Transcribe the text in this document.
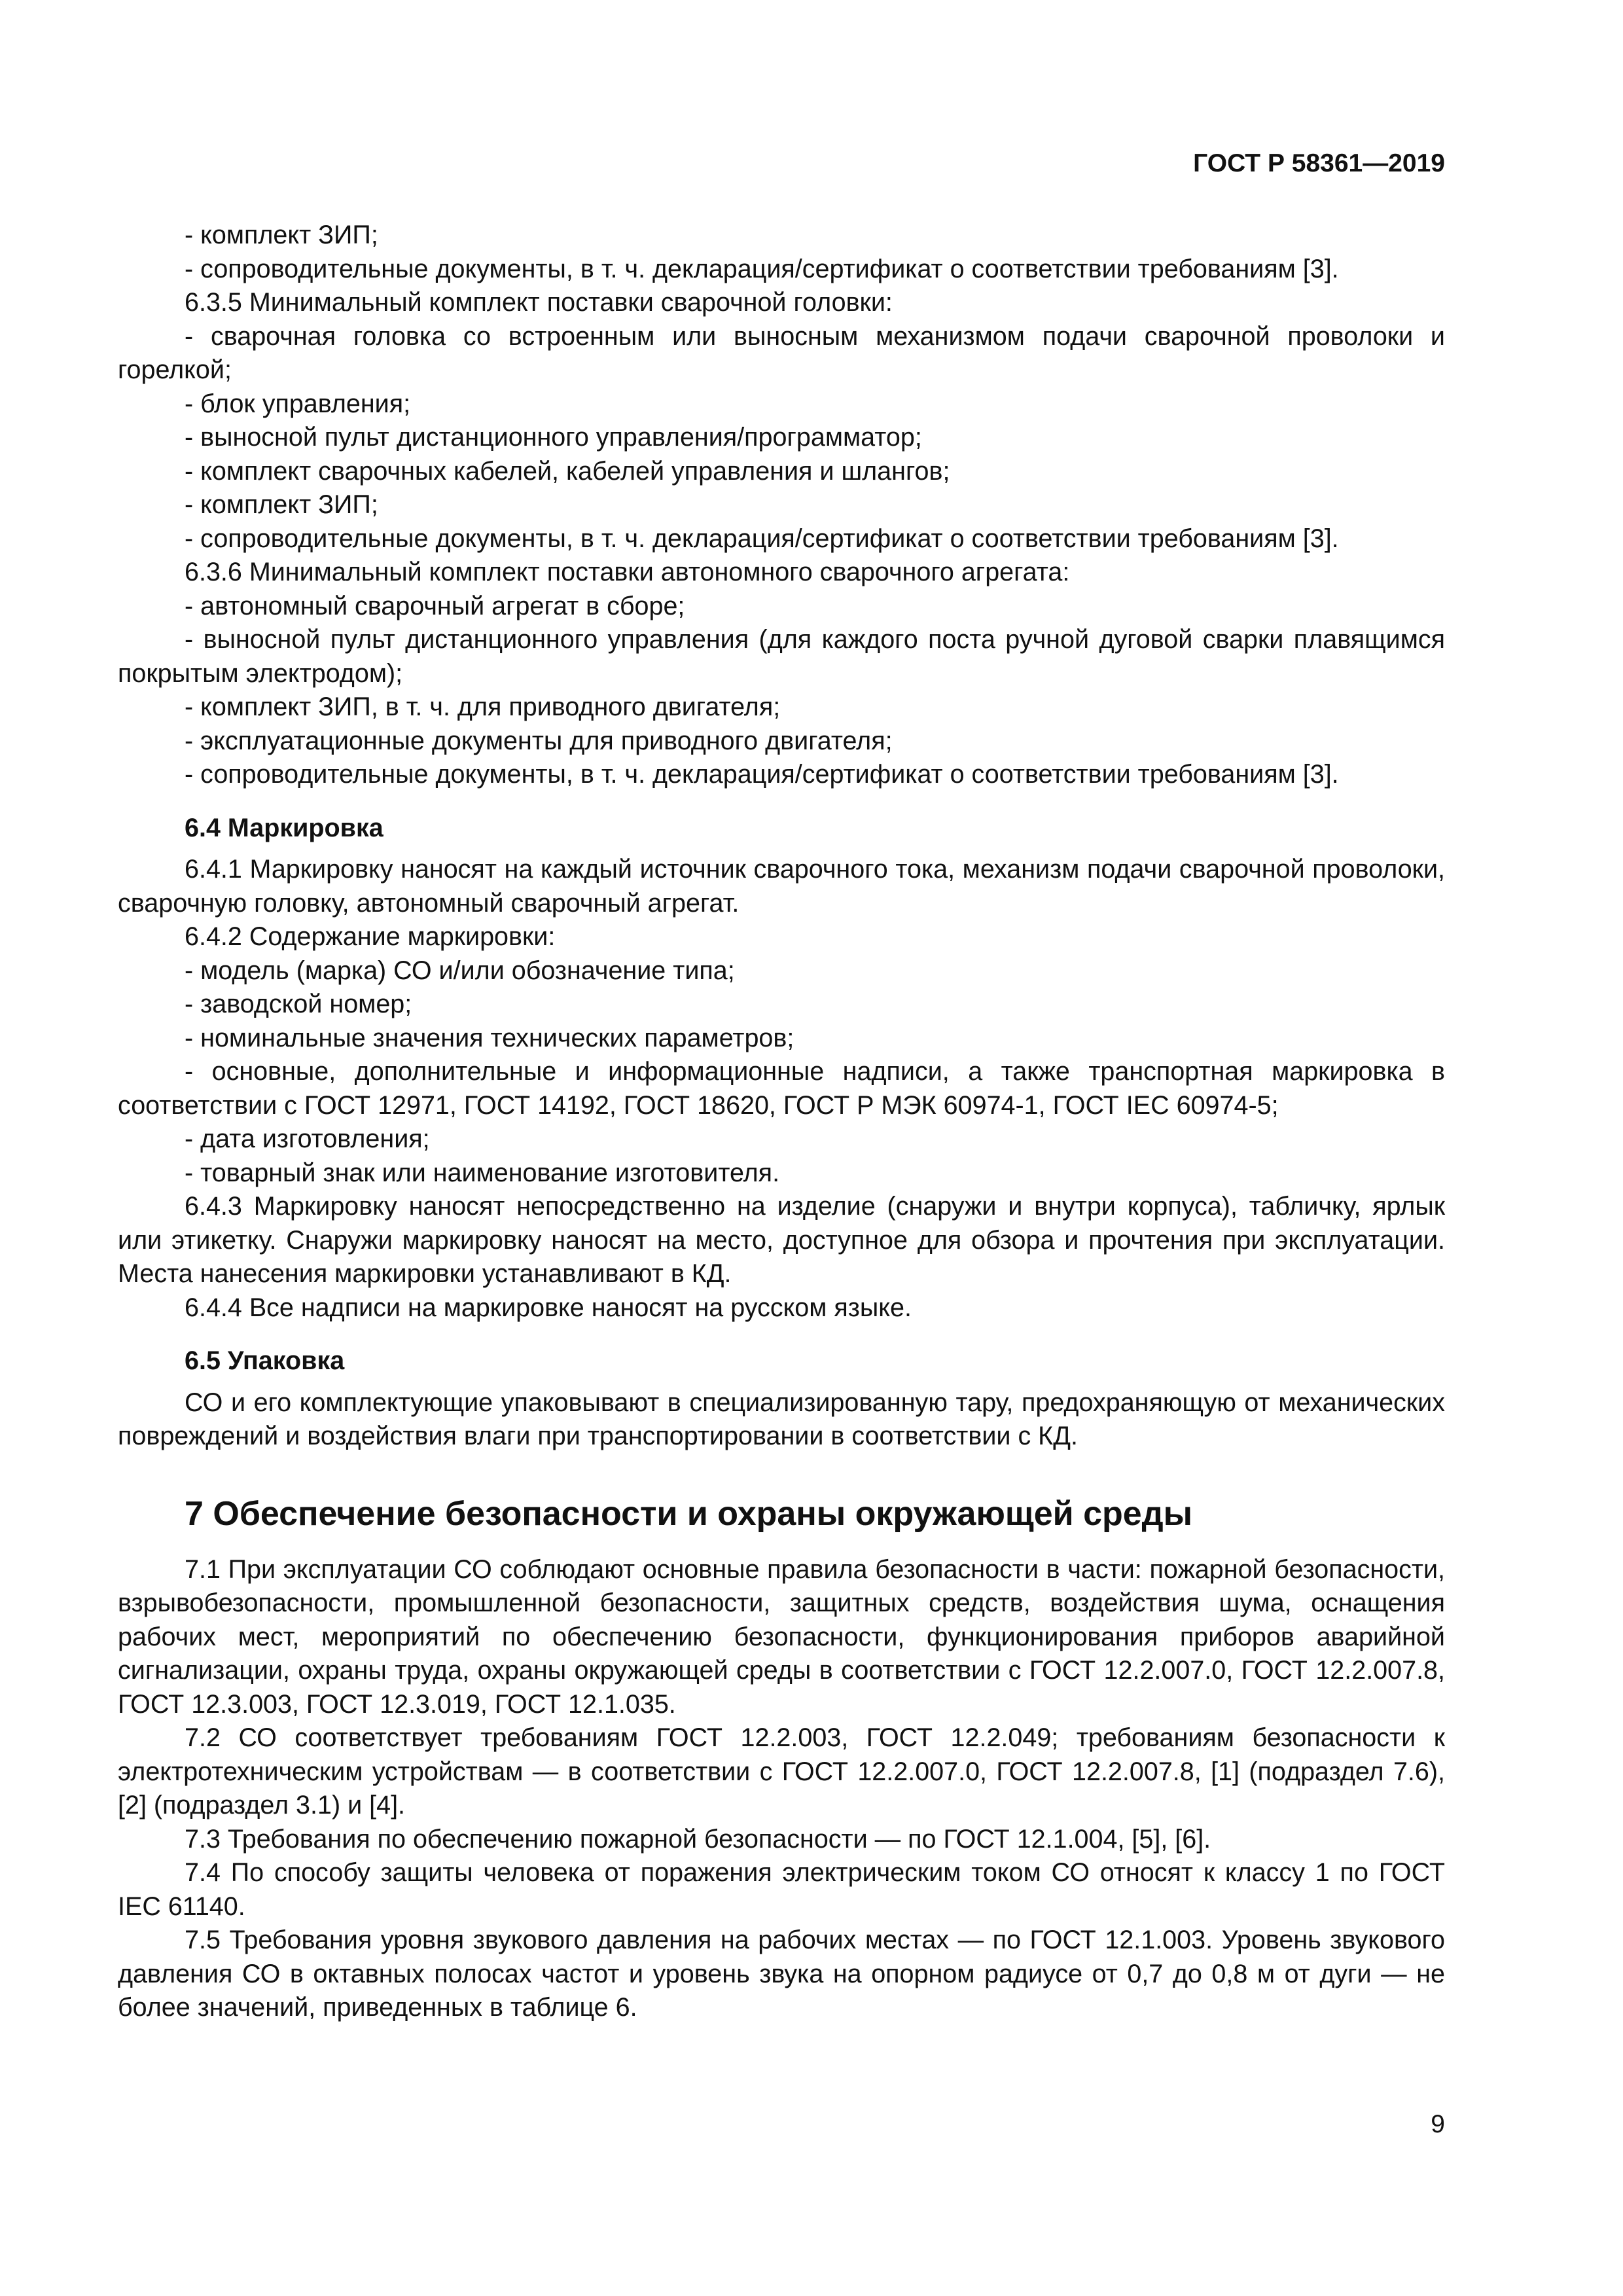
ГОСТ Р 58361—2019

- комплект ЗИП;

- сопроводительные документы, в т. ч. декларация/сертификат о соответствии требованиям [3].

6.3.5 Минимальный комплект поставки сварочной головки:

- сварочная головка со встроенным или выносным механизмом подачи сварочной проволоки и горелкой;

- блок управления;

- выносной пульт дистанционного управления/программатор;

- комплект сварочных кабелей, кабелей управления и шлангов;

- комплект ЗИП;

- сопроводительные документы, в т. ч. декларация/сертификат о соответствии требованиям [3].

6.3.6 Минимальный комплект поставки автономного сварочного агрегата:

- автономный сварочный агрегат в сборе;

- выносной пульт дистанционного управления (для каждого поста ручной дуговой сварки плавящимся покрытым электродом);

- комплект ЗИП, в т. ч. для приводного двигателя;

- эксплуатационные документы для приводного двигателя;

- сопроводительные документы, в т. ч. декларация/сертификат о соответствии требованиям [3].

6.4 Маркировка

6.4.1 Маркировку наносят на каждый источник сварочного тока, механизм подачи сварочной проволоки, сварочную головку, автономный сварочный агрегат.

6.4.2 Содержание маркировки:

- модель (марка) СО и/или обозначение типа;

- заводской номер;

- номинальные значения технических параметров;

- основные, дополнительные и информационные надписи, а также транспортная маркировка в соответствии с ГОСТ 12971, ГОСТ 14192, ГОСТ 18620, ГОСТ Р МЭК 60974-1, ГОСТ IEC 60974-5;

- дата изготовления;

- товарный знак или наименование изготовителя.

6.4.3 Маркировку наносят непосредственно на изделие (снаружи и внутри корпуса), табличку, ярлык или этикетку. Снаружи маркировку наносят на место, доступное для обзора и прочтения при эксплуатации. Места нанесения маркировки устанавливают в КД.

6.4.4 Все надписи на маркировке наносят на русском языке.

6.5 Упаковка

СО и его комплектующие упаковывают в специализированную тару, предохраняющую от механических повреждений и воздействия влаги при транспортировании в соответствии с КД.

7 Обеспечение безопасности и охраны окружающей среды

7.1 При эксплуатации СО соблюдают основные правила безопасности в части: пожарной безопасности, взрывобезопасности, промышленной безопасности, защитных средств, воздействия шума, оснащения рабочих мест, мероприятий по обеспечению безопасности, функционирования приборов аварийной сигнализации, охраны труда, охраны окружающей среды в соответствии с ГОСТ 12.2.007.0, ГОСТ 12.2.007.8, ГОСТ 12.3.003, ГОСТ 12.3.019, ГОСТ 12.1.035.

7.2 СО соответствует требованиям ГОСТ 12.2.003, ГОСТ 12.2.049; требованиям безопасности к электротехническим устройствам — в соответствии с ГОСТ 12.2.007.0, ГОСТ 12.2.007.8, [1] (подраздел 7.6), [2] (подраздел 3.1) и [4].

7.3 Требования по обеспечению пожарной безопасности — по ГОСТ 12.1.004, [5], [6].

7.4 По способу защиты человека от поражения электрическим током СО относят к классу 1 по ГОСТ IEC 61140.

7.5 Требования уровня звукового давления на рабочих местах — по ГОСТ 12.1.003. Уровень звукового давления СО в октавных полосах частот и уровень звука на опорном радиусе от 0,7 до 0,8 м от дуги — не более значений, приведенных в таблице 6.

9
